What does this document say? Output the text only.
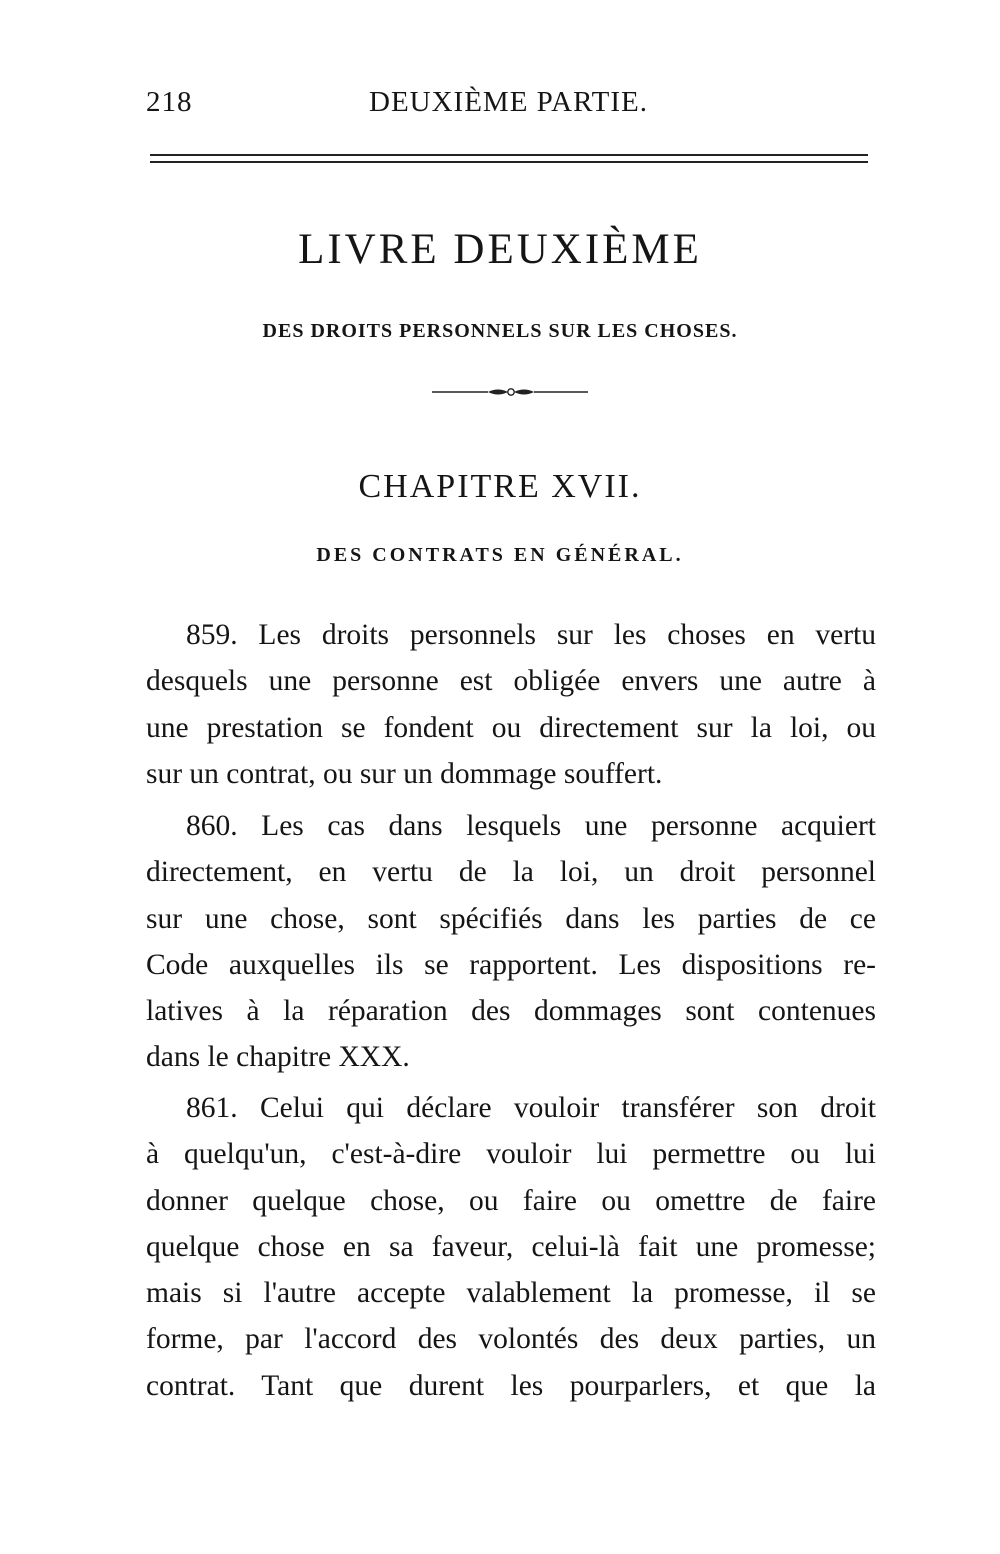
218	DEUXIÈME PARTIE.
LIVRE DEUXIÈME
DES DROITS PERSONNELS SUR LES CHOSES.
CHAPITRE XVII.
DES CONTRATS EN GÉNÉRAL.
859. Les droits personnels sur les choses en vertu
desquels une personne est obligée envers une autre à
une prestation se fondent ou directement sur la loi, ou
sur un contrat, ou sur un dommage souffert.
860. Les cas dans lesquels une personne acquiert
directement, en vertu de la loi, un droit personnel
sur une chose, sont spécifiés dans les parties de ce
Code auxquelles ils se rapportent. Les dispositions re-
latives à la réparation des dommages sont contenues
dans le chapitre XXX.
861. Celui qui déclare vouloir transférer son droit
à quelqu'un, c'est-à-dire vouloir lui permettre ou lui
donner quelque chose, ou faire ou omettre de faire
quelque chose en sa faveur, celui-là fait une promesse;
mais si l'autre accepte valablement la promesse, il se
forme, par l'accord des volontés des deux parties, un
contrat. Tant que durent les pourparlers, et que la
